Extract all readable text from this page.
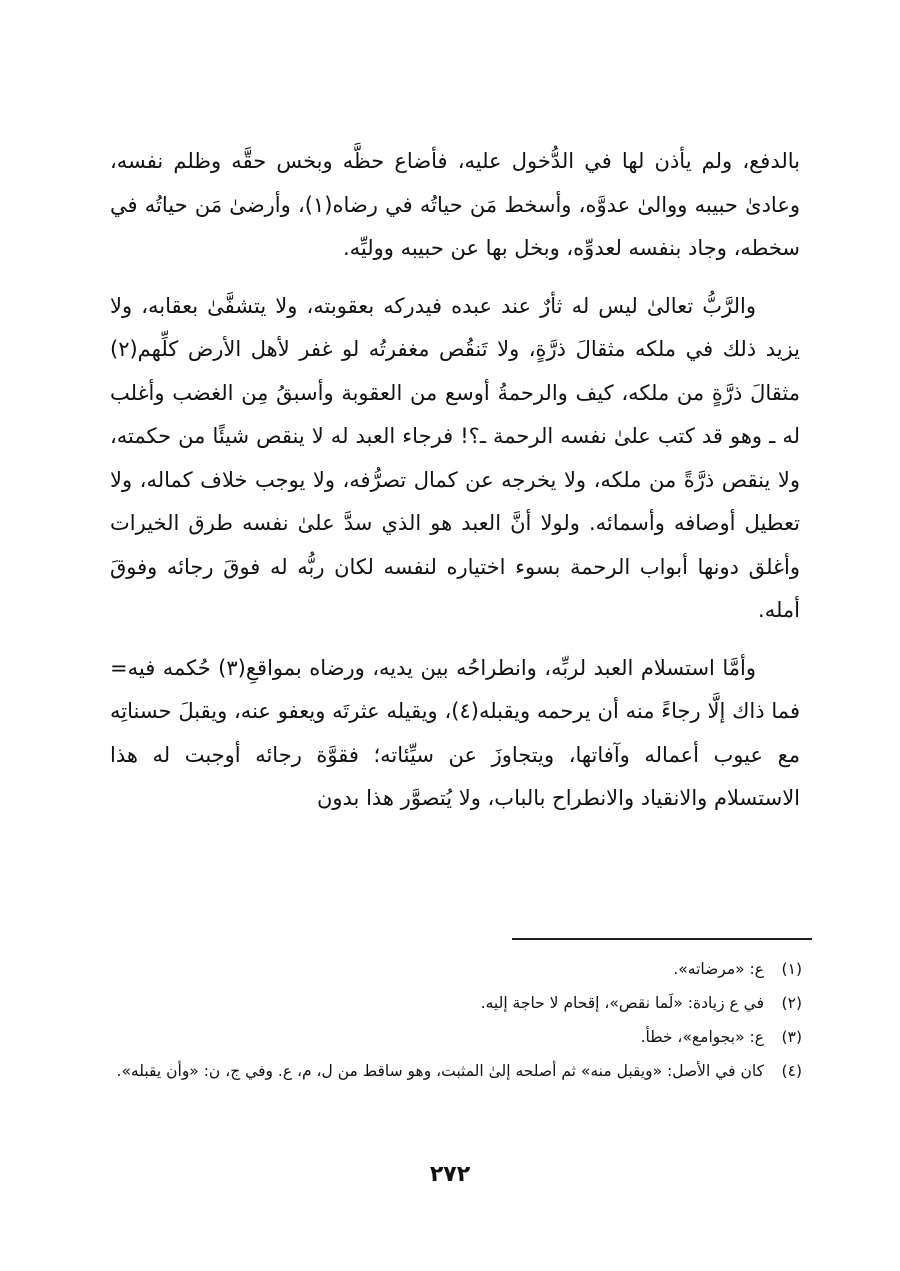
بالدفع، ولم يأذن لها في الدُّخول عليه، فأضاع حظَّه وبخس حقَّه وظلم نفسه، وعادىٰ حبيبه ووالىٰ عدوَّه، وأسخط مَن حياتُه في رضاه(١)، وأرضىٰ مَن حياتُه في سخطه، وجاد بنفسه لعدوِّه، وبخل بها عن حبيبه ووليِّه.

والرَّبُّ تعالىٰ ليس له ثأرٌ عند عبده فيدركه بعقوبته، ولا يتشفَّىٰ بعقابه، ولا يزيد ذلك في ملكه مثقالَ ذرَّةٍ، ولا تَنقُص مغفرتُه لو غفر لأهل الأرض كلِّهم(٢) مثقالَ ذرَّةٍ من ملكه، كيف والرحمةُ أوسع من العقوبة وأسبقُ مِن الغضب وأغلب له ـ وهو قد كتب علىٰ نفسه الرحمة ـ؟! فرجاء العبد له لا ينقص شيئًا من حكمته، ولا ينقص ذرَّةً من ملكه، ولا يخرجه عن كمال تصرُّفه، ولا يوجب خلاف كماله، ولا تعطيل أوصافه وأسمائه. ولولا أنَّ العبد هو الذي سدَّ علىٰ نفسه طرق الخيرات وأغلق دونها أبواب الرحمة بسوء اختياره لنفسه لكان ربُّه له فوقَ رجائه وفوقَ أمله.

وأمَّا استسلام العبد لربِّه، وانطراحُه بين يديه، ورضاه بمواقعِ(٣) حُكمه فيه= فما ذاك إلَّا رجاءً منه أن يرحمه ويقبله(٤)، ويقيله عثرتَه ويعفو عنه، ويقبلَ حسناتِه مع عيوب أعماله وآفاتها، ويتجاوزَ عن سيِّئاته؛ فقوَّة رجائه أوجبت له هذا الاستسلام والانقياد والانطراح بالباب، ولا يُتصوَّر هذا بدون

(١)
ع: «مرضاته».
(٢)
في ع زيادة: «لَما نقص»، إقحام لا حاجة إليه.
(٣)
ع: «بجوامع»، خطأ.
(٤)
كان في الأصل: «ويقبل منه» ثم أصلحه إلىٰ المثبت، وهو ساقط من ل، م، ع. وفي ج، ن: «وأن يقبله».
٢٧٢
